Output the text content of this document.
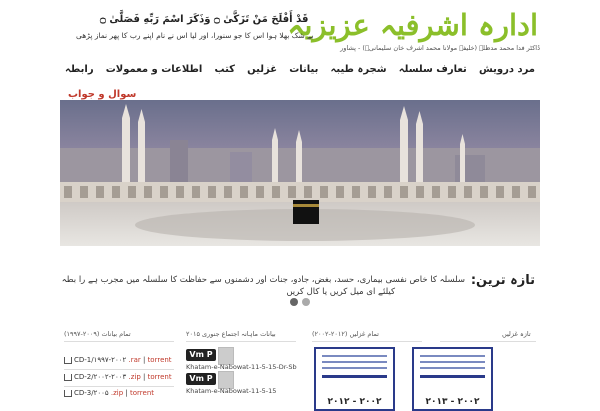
ادارہ اشرفیہ عزیزیہ
ڈاکٹر فدا محمد مدظلہ (خلیفہ مولانا محمد اشرف خان سلیمانیؒ) - پشاور
قَدْ أَفْلَحَ مَنْ تَزَكَّىٰ ۝ وَذَكَرَ اسْمَ رَبِّهِ فَصَلَّىٰ ۝
بے شک بھلا ہوا اس کا جو سنورا، اور لیا اس نے نام اپنے رب کا پھر نماز پڑھی
مرد درویش
تعارف سلسلہ
شجرہ طیبہ
بیانات
غزلیں
کتب
اطلاعات و معمولات
رابطہ
سوال و جواب
تازہ ترین:
سلسلہ کا خاص نفسی بیماری، حسد، بغض، جادو، جنات اور دشمنوں سے حفاظت کا سلسلہ میں مجرب ہے را بطہ
کیلئے ای میل کریں یا کال کریں
تمام بیانات (۲۰۰۹-۱۹۹۷)	بیانات ماہانہ اجتماع جنوری ۲۰۱۵	تمام غزلیں (۲۰۱۲-۲۰۰۲)	تازہ غزلیں
CD-1/۱۹۹۷-۲۰۰۲ .rar | torrent
CD-2/۲۰۰۲-۲۰۰۳ .zip | torrent
CD-3/۲۰۰۵ .zip | torrent
Vm P
Khatam-e-Nabowat-11-5-15-Dr-Sb
Vm P
Khatam-e-Nabowat-11-5-15
۲۰۱۲ - ۲۰۰۲	۲۰۱۳ - ۲۰۰۲
